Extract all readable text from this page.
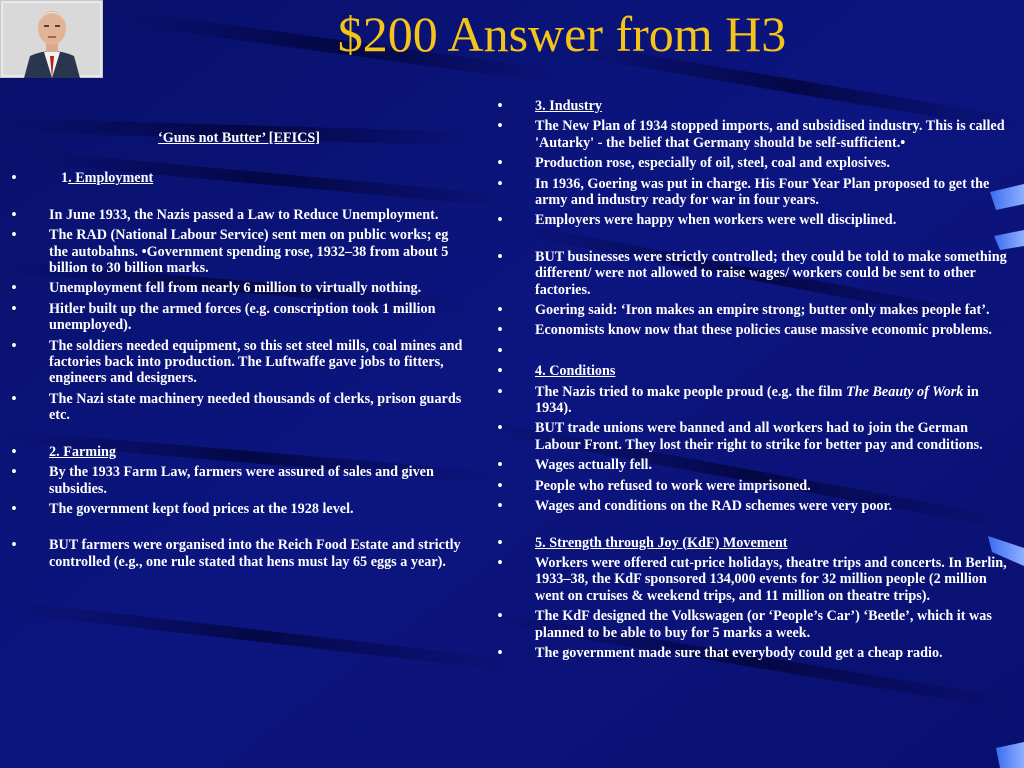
$200 Answer from H3
‘Guns not Butter’ [EFICS]
•	1. Employment
• In June 1933, the Nazis passed a Law to Reduce Unemployment.
• The RAD (National Labour Service) sent men on public works; eg the autobahns. •Government spending rose, 1932–38 from about 5 billion to 30 billion marks.
• Unemployment fell from nearly 6 million to virtually nothing.
• Hitler built up the armed forces (e.g. conscription took 1 million unemployed).
• The soldiers needed equipment, so this set steel mills, coal mines and factories back into production. The Luftwaffe gave jobs to fitters, engineers and designers.
• The Nazi state machinery needed thousands of clerks, prison guards etc.
• 2. Farming
• By the 1933 Farm Law, farmers were assured of sales and given subsidies.
• The government kept food prices at the 1928 level.
• BUT farmers were organised into the Reich Food Estate and strictly controlled (e.g., one rule stated that hens must lay 65 eggs a year).
• 3. Industry
• The New Plan of 1934 stopped imports, and subsidised industry. This is called 'Autarky' - the belief that Germany should be self-sufficient.•
• Production rose, especially of oil, steel, coal and explosives.
• In 1936, Goering was put in charge. His Four Year Plan proposed to get the army and industry ready for war in four years.
• Employers were happy when workers were well disciplined.
• BUT businesses were strictly controlled; they could be told to make something different/ were not allowed to raise wages/ workers could be sent to other factories.
• Goering said: ‘Iron makes an empire strong; butter only makes people fat’.
• Economists know now that these policies cause massive economic problems.
•
• 4. Conditions
• The Nazis tried to make people proud (e.g. the film The Beauty of Work in 1934).
• BUT trade unions were banned and all workers had to join the German Labour Front. They lost their right to strike for better pay and conditions.
• Wages actually fell.
• People who refused to work were imprisoned.
• Wages and conditions on the RAD schemes were very poor.
• 5. Strength through Joy (KdF) Movement
• Workers were offered cut-price holidays, theatre trips and concerts. In Berlin, 1933–38, the KdF sponsored 134,000 events for 32 million people (2 million went on cruises & weekend trips, and 11 million on theatre trips).
• The KdF designed the Volkswagen (or ‘People’s Car’) ‘Beetle’, which it was planned to be able to buy for 5 marks a week.
• The government made sure that everybody could get a cheap radio.
